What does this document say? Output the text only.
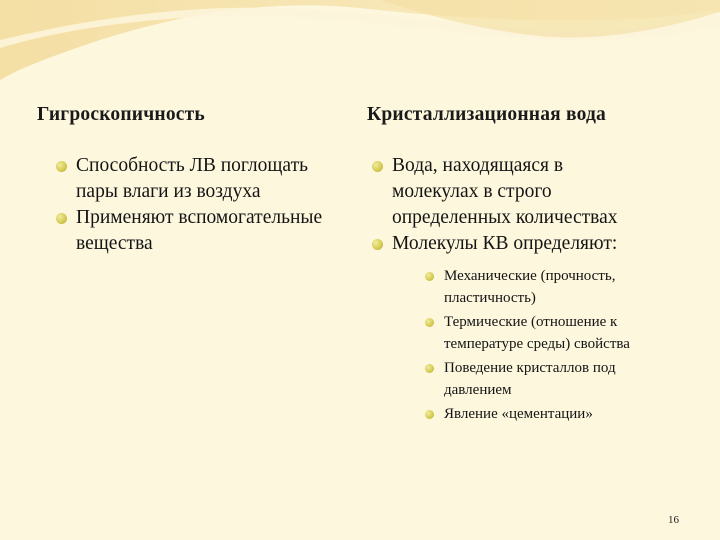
Гигроскопичность
Способность ЛВ поглощать
пары влаги из воздуха
Применяют вспомогательные
вещества
Кристаллизационная вода
Вода, находящаяся в
молекулах в строго
определенных количествах
Молекулы КВ определяют:
Механические (прочность,
пластичность)
Термические (отношение к
температуре среды) свойства
Поведение кристаллов под
давлением
Явление «цементации»
16
